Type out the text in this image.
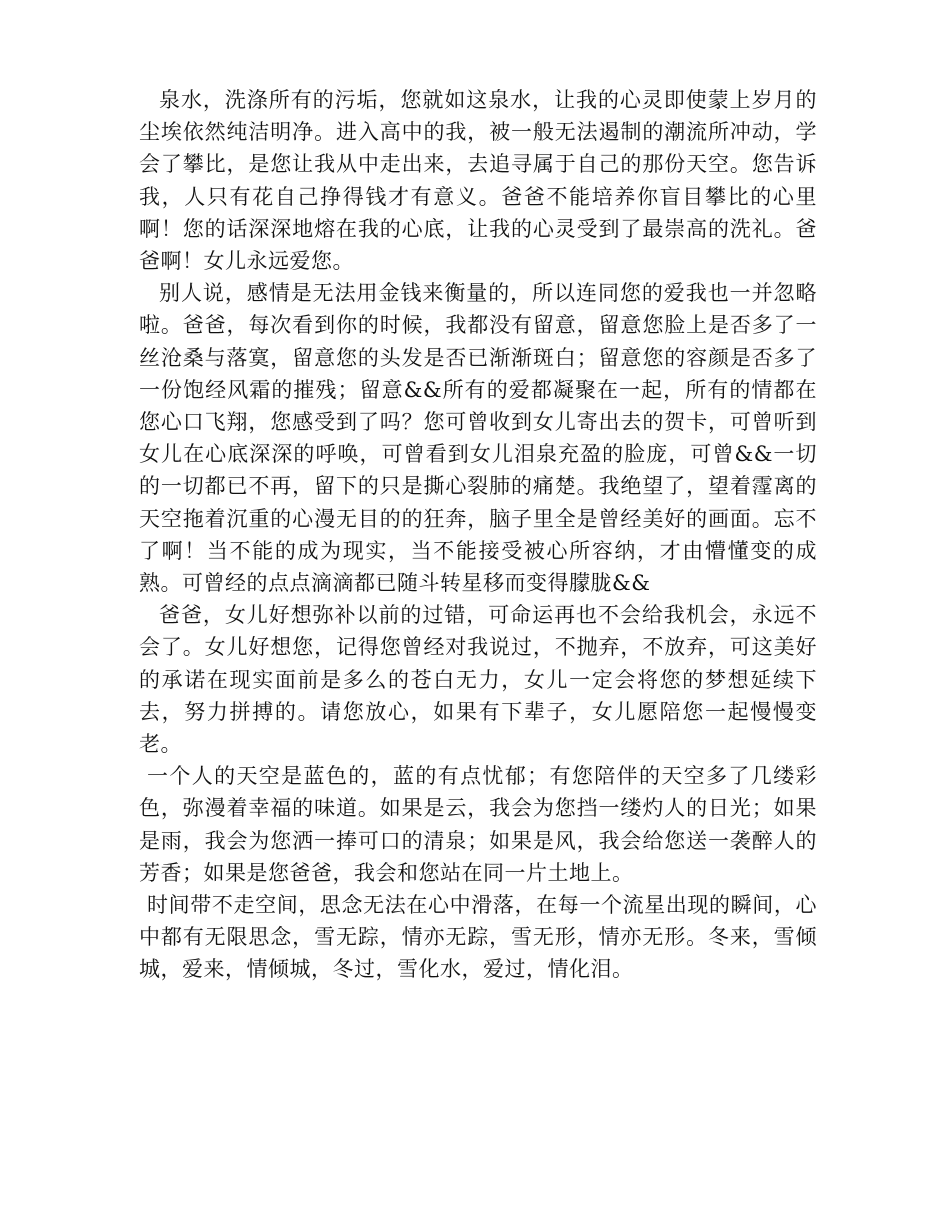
泉水，洗涤所有的污垢，您就如这泉水，让我的心灵即使蒙上岁月的尘埃依然纯洁明净。进入高中的我，被一般无法遏制的潮流所冲动，学会了攀比，是您让我从中走出来，去追寻属于自己的那份天空。您告诉我，人只有花自己挣得钱才有意义。爸爸不能培养你盲目攀比的心里啊！您的话深深地熔在我的心底，让我的心灵受到了最崇高的洗礼。爸爸啊！女儿永远爱您。

别人说，感情是无法用金钱来衡量的，所以连同您的爱我也一并忽略啦。爸爸，每次看到你的时候，我都没有留意，留意您脸上是否多了一丝沧桑与落寞，留意您的头发是否已渐渐斑白；留意您的容颜是否多了一份饱经风霜的摧残；留意&&所有的爱都凝聚在一起，所有的情都在您心口飞翔，您感受到了吗？您可曾收到女儿寄出去的贺卡，可曾听到女儿在心底深深的呼唤，可曾看到女儿泪泉充盈的脸庞，可曾&&一切的一切都已不再，留下的只是撕心裂肺的痛楚。我绝望了，望着霪离的天空拖着沉重的心漫无目的的狂奔，脑子里全是曾经美好的画面。忘不了啊！当不能的成为现实，当不能接受被心所容纳，才由懵懂变的成熟。可曾经的点点滴滴都已随斗转星移而变得朦胧&&

爸爸，女儿好想弥补以前的过错，可命运再也不会给我机会，永远不会了。女儿好想您，记得您曾经对我说过，不抛弃，不放弃，可这美好的承诺在现实面前是多么的苍白无力，女儿一定会将您的梦想延续下去，努力拼搏的。请您放心，如果有下辈子，女儿愿陪您一起慢慢变老。

一个人的天空是蓝色的，蓝的有点忧郁；有您陪伴的天空多了几缕彩色，弥漫着幸福的味道。如果是云，我会为您挡一缕灼人的日光；如果是雨，我会为您洒一捧可口的清泉；如果是风，我会给您送一袭醉人的芳香；如果是您爸爸，我会和您站在同一片土地上。

时间带不走空间，思念无法在心中滑落，在每一个流星出现的瞬间，心中都有无限思念，雪无踪，情亦无踪，雪无形，情亦无形。冬来，雪倾城，爱来，情倾城，冬过，雪化水，爱过，情化泪。
